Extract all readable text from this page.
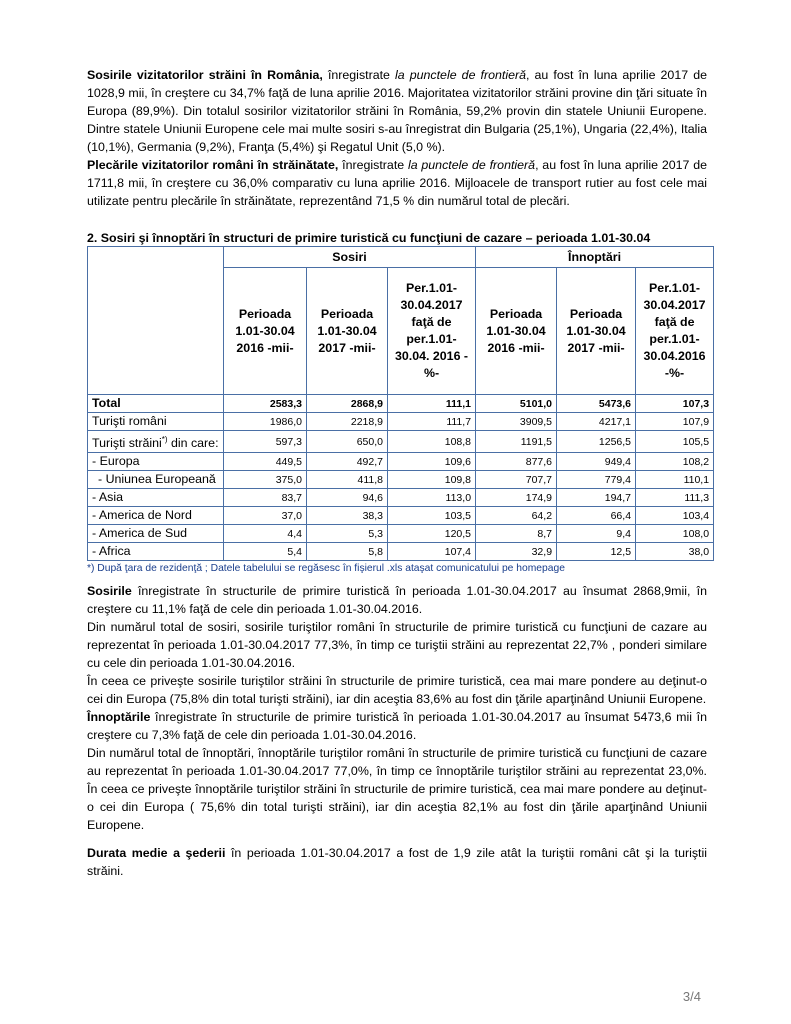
Sosirile vizitatorilor străini în România, înregistrate la punctele de frontieră, au fost în luna aprilie 2017 de 1028,9 mii, în creştere cu 34,7% faţă de luna aprilie 2016. Majoritatea vizitatorilor străini provine din ţări situate în Europa (89,9%). Din totalul sosirilor vizitatorilor străini în România, 59,2% provin din statele Uniunii Europene. Dintre statele Uniunii Europene cele mai multe sosiri s-au înregistrat din Bulgaria (25,1%), Ungaria (22,4%), Italia (10,1%), Germania (9,2%), Franţa (5,4%) şi Regatul Unit (5,0 %).

Plecările vizitatorilor români în străinătate, înregistrate la punctele de frontieră, au fost în luna aprilie 2017 de 1711,8 mii, în creştere cu 36,0% comparativ cu luna aprilie 2016. Mijloacele de transport rutier au fost cele mai utilizate pentru plecările în străinătate, reprezentând 71,5 % din numărul total de plecări.

2. Sosiri şi înnoptări în structuri de primire turistică cu funcţiuni de cazare – perioada 1.01-30.04
	Sosiri			Înnoptări		
	Perioada 1.01-30.04 2016 -mii-	Perioada 1.01-30.04 2017 -mii-	Per.1.01-30.04.2017 faţă de per.1.01-30.04. 2016 -%-	Perioada 1.01-30.04 2016 -mii-	Perioada 1.01-30.04 2017 -mii-	Per.1.01-30.04.2017 faţă de per.1.01-30.04.2016 -%-
Total	2583,3	2868,9	111,1	5101,0	5473,6	107,3
Turişti români	1986,0	2218,9	111,7	3909,5	4217,1	107,9
Turişti străini*) din care:	597,3	650,0	108,8	1191,5	1256,5	105,5
- Europa	449,5	492,7	109,6	877,6	949,4	108,2
- Uniunea Europeană	375,0	411,8	109,8	707,7	779,4	110,1
- Asia	83,7	94,6	113,0	174,9	194,7	111,3
- America de Nord	37,0	38,3	103,5	64,2	66,4	103,4
- America de Sud	4,4	5,3	120,5	8,7	9,4	108,0
- Africa	5,4	5,8	107,4	32,9	12,5	38,0
*) După ţara de rezidenţă ; Datele tabelului se regăsesc în fişierul .xls ataşat comunicatului pe homepage

Sosirile înregistrate în structurile de primire turistică în perioada 1.01-30.04.2017 au însumat 2868,9mii, în creştere cu 11,1% faţă de cele din perioada 1.01-30.04.2016.

Din numărul total de sosiri, sosirile turiştilor români în structurile de primire turistică cu funcţiuni de cazare au reprezentat în perioada 1.01-30.04.2017 77,3%, în timp ce turiştii străini au reprezentat 22,7% , ponderi similare cu cele din perioada 1.01-30.04.2016.

În ceea ce priveşte sosirile turiştilor străini în structurile de primire turistică, cea mai mare pondere au deţinut-o cei din Europa (75,8% din total turişti străini), iar din aceştia 83,6% au fost din ţările aparţinând Uniunii Europene.

Înnoptările înregistrate în structurile de primire turistică în perioada 1.01-30.04.2017 au însumat 5473,6 mii în creştere cu 7,3% faţă de cele din perioada 1.01-30.04.2016.

Din numărul total de înnoptări, înnoptările turiştilor români în structurile de primire turistică cu funcţiuni de cazare au reprezentat în perioada 1.01-30.04.2017 77,0%, în timp ce înnoptările turiştilor străini au reprezentat 23,0%. În ceea ce priveşte înnoptările turiştilor străini în structurile de primire turistică, cea mai mare pondere au deţinut-o cei din Europa ( 75,6% din total turişti străini), iar din aceştia 82,1% au fost din ţările aparţinând Uniunii Europene.

Durata medie a şederii în perioada 1.01-30.04.2017 a fost de 1,9 zile atât la turiştii români cât şi la turiştii străini.

3/4
